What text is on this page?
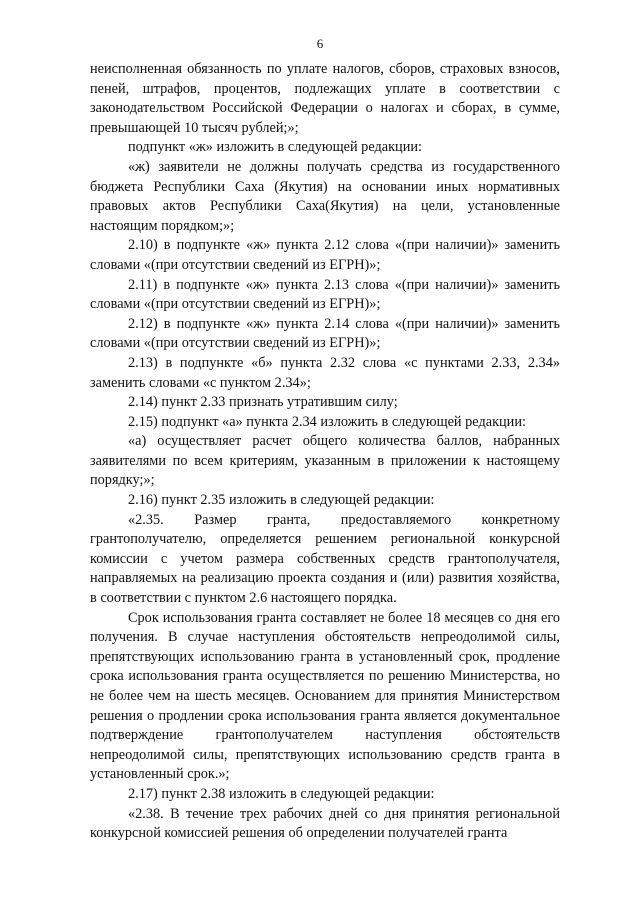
6

неисполненная обязанность по уплате налогов, сборов, страховых взносов, пеней, штрафов, процентов, подлежащих уплате в соответствии с законодательством Российской Федерации о налогах и сборах, в сумме, превышающей 10 тысяч рублей;»;

подпункт «ж» изложить в следующей редакции:

«ж) заявители не должны получать средства из государственного бюджета Республики Саха (Якутия) на основании иных нормативных правовых актов Республики Саха(Якутия) на цели, установленные настоящим порядком;»;

2.10) в подпункте «ж» пункта 2.12 слова «(при наличии)» заменить словами «(при отсутствии сведений из ЕГРН)»;

2.11) в подпункте «ж» пункта 2.13 слова «(при наличии)» заменить словами «(при отсутствии сведений из ЕГРН)»;

2.12) в подпункте «ж» пункта 2.14 слова «(при наличии)» заменить словами «(при отсутствии сведений из ЕГРН)»;

2.13) в подпункте «б» пункта 2.32 слова «с пунктами 2.33, 2.34» заменить словами «с пунктом 2.34»;

2.14) пункт 2.33 признать утратившим силу;

2.15) подпункт «а» пункта 2.34 изложить в следующей редакции:

«а) осуществляет расчет общего количества баллов, набранных заявителями по всем критериям, указанным в приложении к настоящему порядку;»;

2.16) пункт 2.35 изложить в следующей редакции:

«2.35. Размер гранта, предоставляемого конкретному грантополучателю, определяется решением региональной конкурсной комиссии с учетом размера собственных средств грантополучателя, направляемых на реализацию проекта создания и (или) развития хозяйства, в соответствии с пунктом 2.6 настоящего порядка.

Срок использования гранта составляет не более 18 месяцев со дня его получения. В случае наступления обстоятельств непреодолимой силы, препятствующих использованию гранта в установленный срок, продление срока использования гранта осуществляется по решению Министерства, но не более чем на шесть месяцев. Основанием для принятия Министерством решения о продлении срока использования гранта является документальное подтверждение грантополучателем наступления обстоятельств непреодолимой силы, препятствующих использованию средств гранта в установленный срок.»;

2.17) пункт 2.38 изложить в следующей редакции:

«2.38. В течение трех рабочих дней со дня принятия региональной конкурсной комиссией решения об определении получателей гранта
